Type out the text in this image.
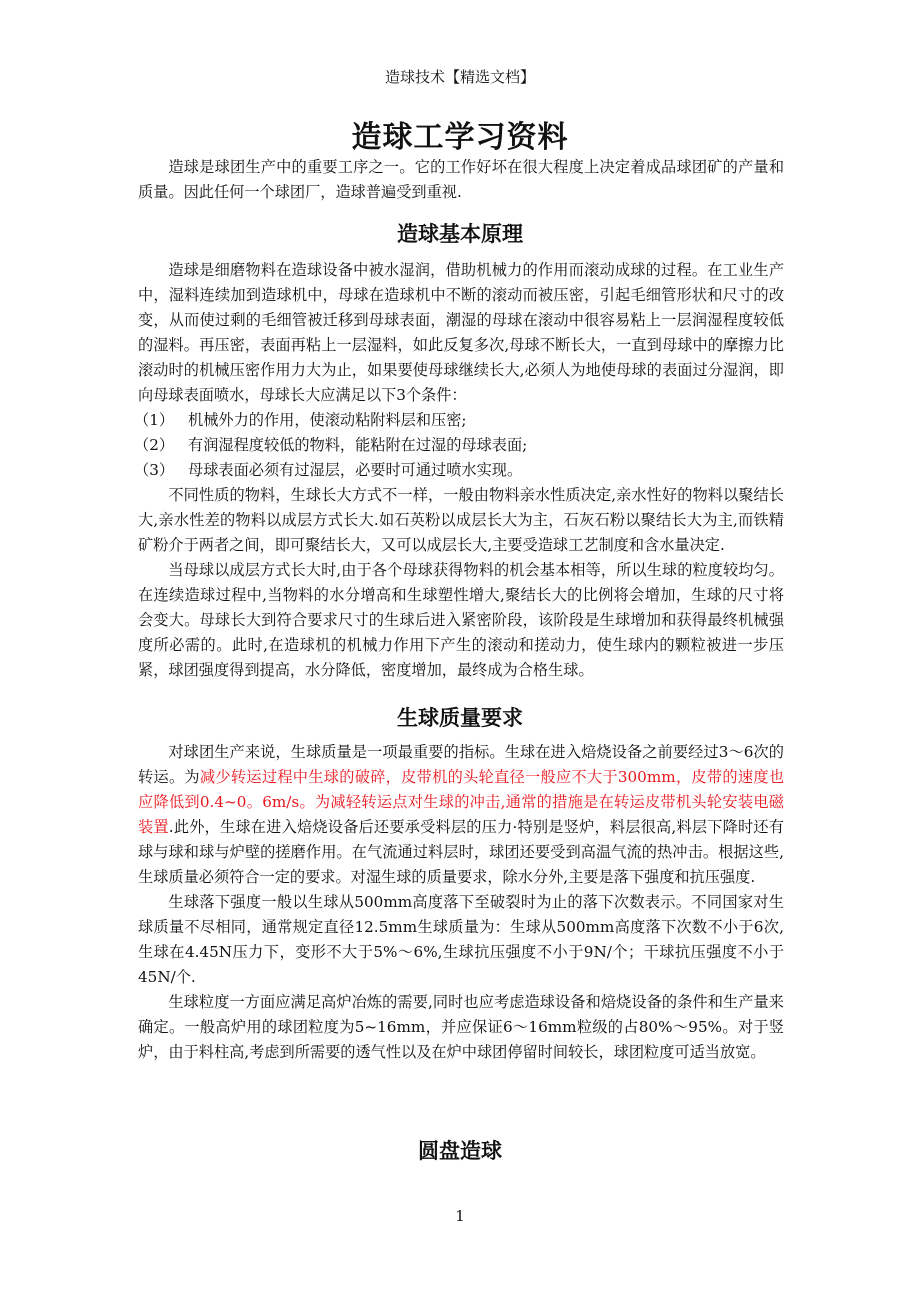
造球技术【精选文档】
造球工学习资料

造球是球团生产中的重要工序之一。它的工作好坏在很大程度上决定着成品球团矿的产量和质量。因此任何一个球团厂，造球普遍受到重视.

造球基本原理

造球是细磨物料在造球设备中被水湿润，借助机械力的作用而滚动成球的过程。在工业生产中，湿料连续加到造球机中，母球在造球机中不断的滚动而被压密，引起毛细管形状和尺寸的改变，从而使过剩的毛细管被迁移到母球表面，潮湿的母球在滚动中很容易粘上一层润湿程度较低的湿料。再压密，表面再粘上一层湿料，如此反复多次,母球不断长大，一直到母球中的摩擦力比滚动时的机械压密作用力大为止，如果要使母球继续长大,必须人为地使母球的表面过分湿润，即向母球表面喷水，母球长大应满足以下3个条件：

（1） 机械外力的作用，使滚动粘附料层和压密;
（2） 有润湿程度较低的物料，能粘附在过湿的母球表面;
（3） 母球表面必须有过湿层，必要时可通过喷水实现。

不同性质的物料，生球长大方式不一样，一般由物料亲水性质决定,亲水性好的物料以聚结长大,亲水性差的物料以成层方式长大.如石英粉以成层长大为主，石灰石粉以聚结长大为主,而铁精矿粉介于两者之间，即可聚结长大，又可以成层长大,主要受造球工艺制度和含水量决定.

当母球以成层方式长大时,由于各个母球获得物料的机会基本相等，所以生球的粒度较均匀。在连续造球过程中,当物料的水分增高和生球塑性增大,聚结长大的比例将会增加，生球的尺寸将会变大。母球长大到符合要求尺寸的生球后进入紧密阶段，该阶段是生球增加和获得最终机械强度所必需的。此时,在造球机的机械力作用下产生的滚动和搓动力，使生球内的颗粒被进一步压紧，球团强度得到提高，水分降低，密度增加，最终成为合格生球。

生球质量要求

对球团生产来说，生球质量是一项最重要的指标。生球在进入焙烧设备之前要经过3～6次的转运。为减少转运过程中生球的破碎，皮带机的头轮直径一般应不大于300mm，皮带的速度也应降低到0.4~0。6m/s。为减轻转运点对生球的冲击,通常的措施是在转运皮带机头轮安装电磁装置.此外，生球在进入焙烧设备后还要承受料层的压力·特别是竖炉，料层很高,料层下降时还有球与球和球与炉壁的搓磨作用。在气流通过料层时，球团还要受到高温气流的热冲击。根据这些,生球质量必须符合一定的要求。对湿生球的质量要求，除水分外,主要是落下强度和抗压强度.

生球落下强度一般以生球从500mm高度落下至破裂时为止的落下次数表示。不同国家对生球质量不尽相同，通常规定直径12.5mm生球质量为：生球从500mm高度落下次数不小于6次,生球在4.45N压力下，变形不大于5%～6%,生球抗压强度不小于9N/个；干球抗压强度不小于45N/个.

生球粒度一方面应满足高炉冶炼的需要,同时也应考虑造球设备和焙烧设备的条件和生产量来确定。一般高炉用的球团粒度为5~16mm，并应保证6～16mm粒级的占80%～95%。对于竖炉，由于料柱高,考虑到所需要的透气性以及在炉中球团停留时间较长，球团粒度可适当放宽。

圆盘造球
1
